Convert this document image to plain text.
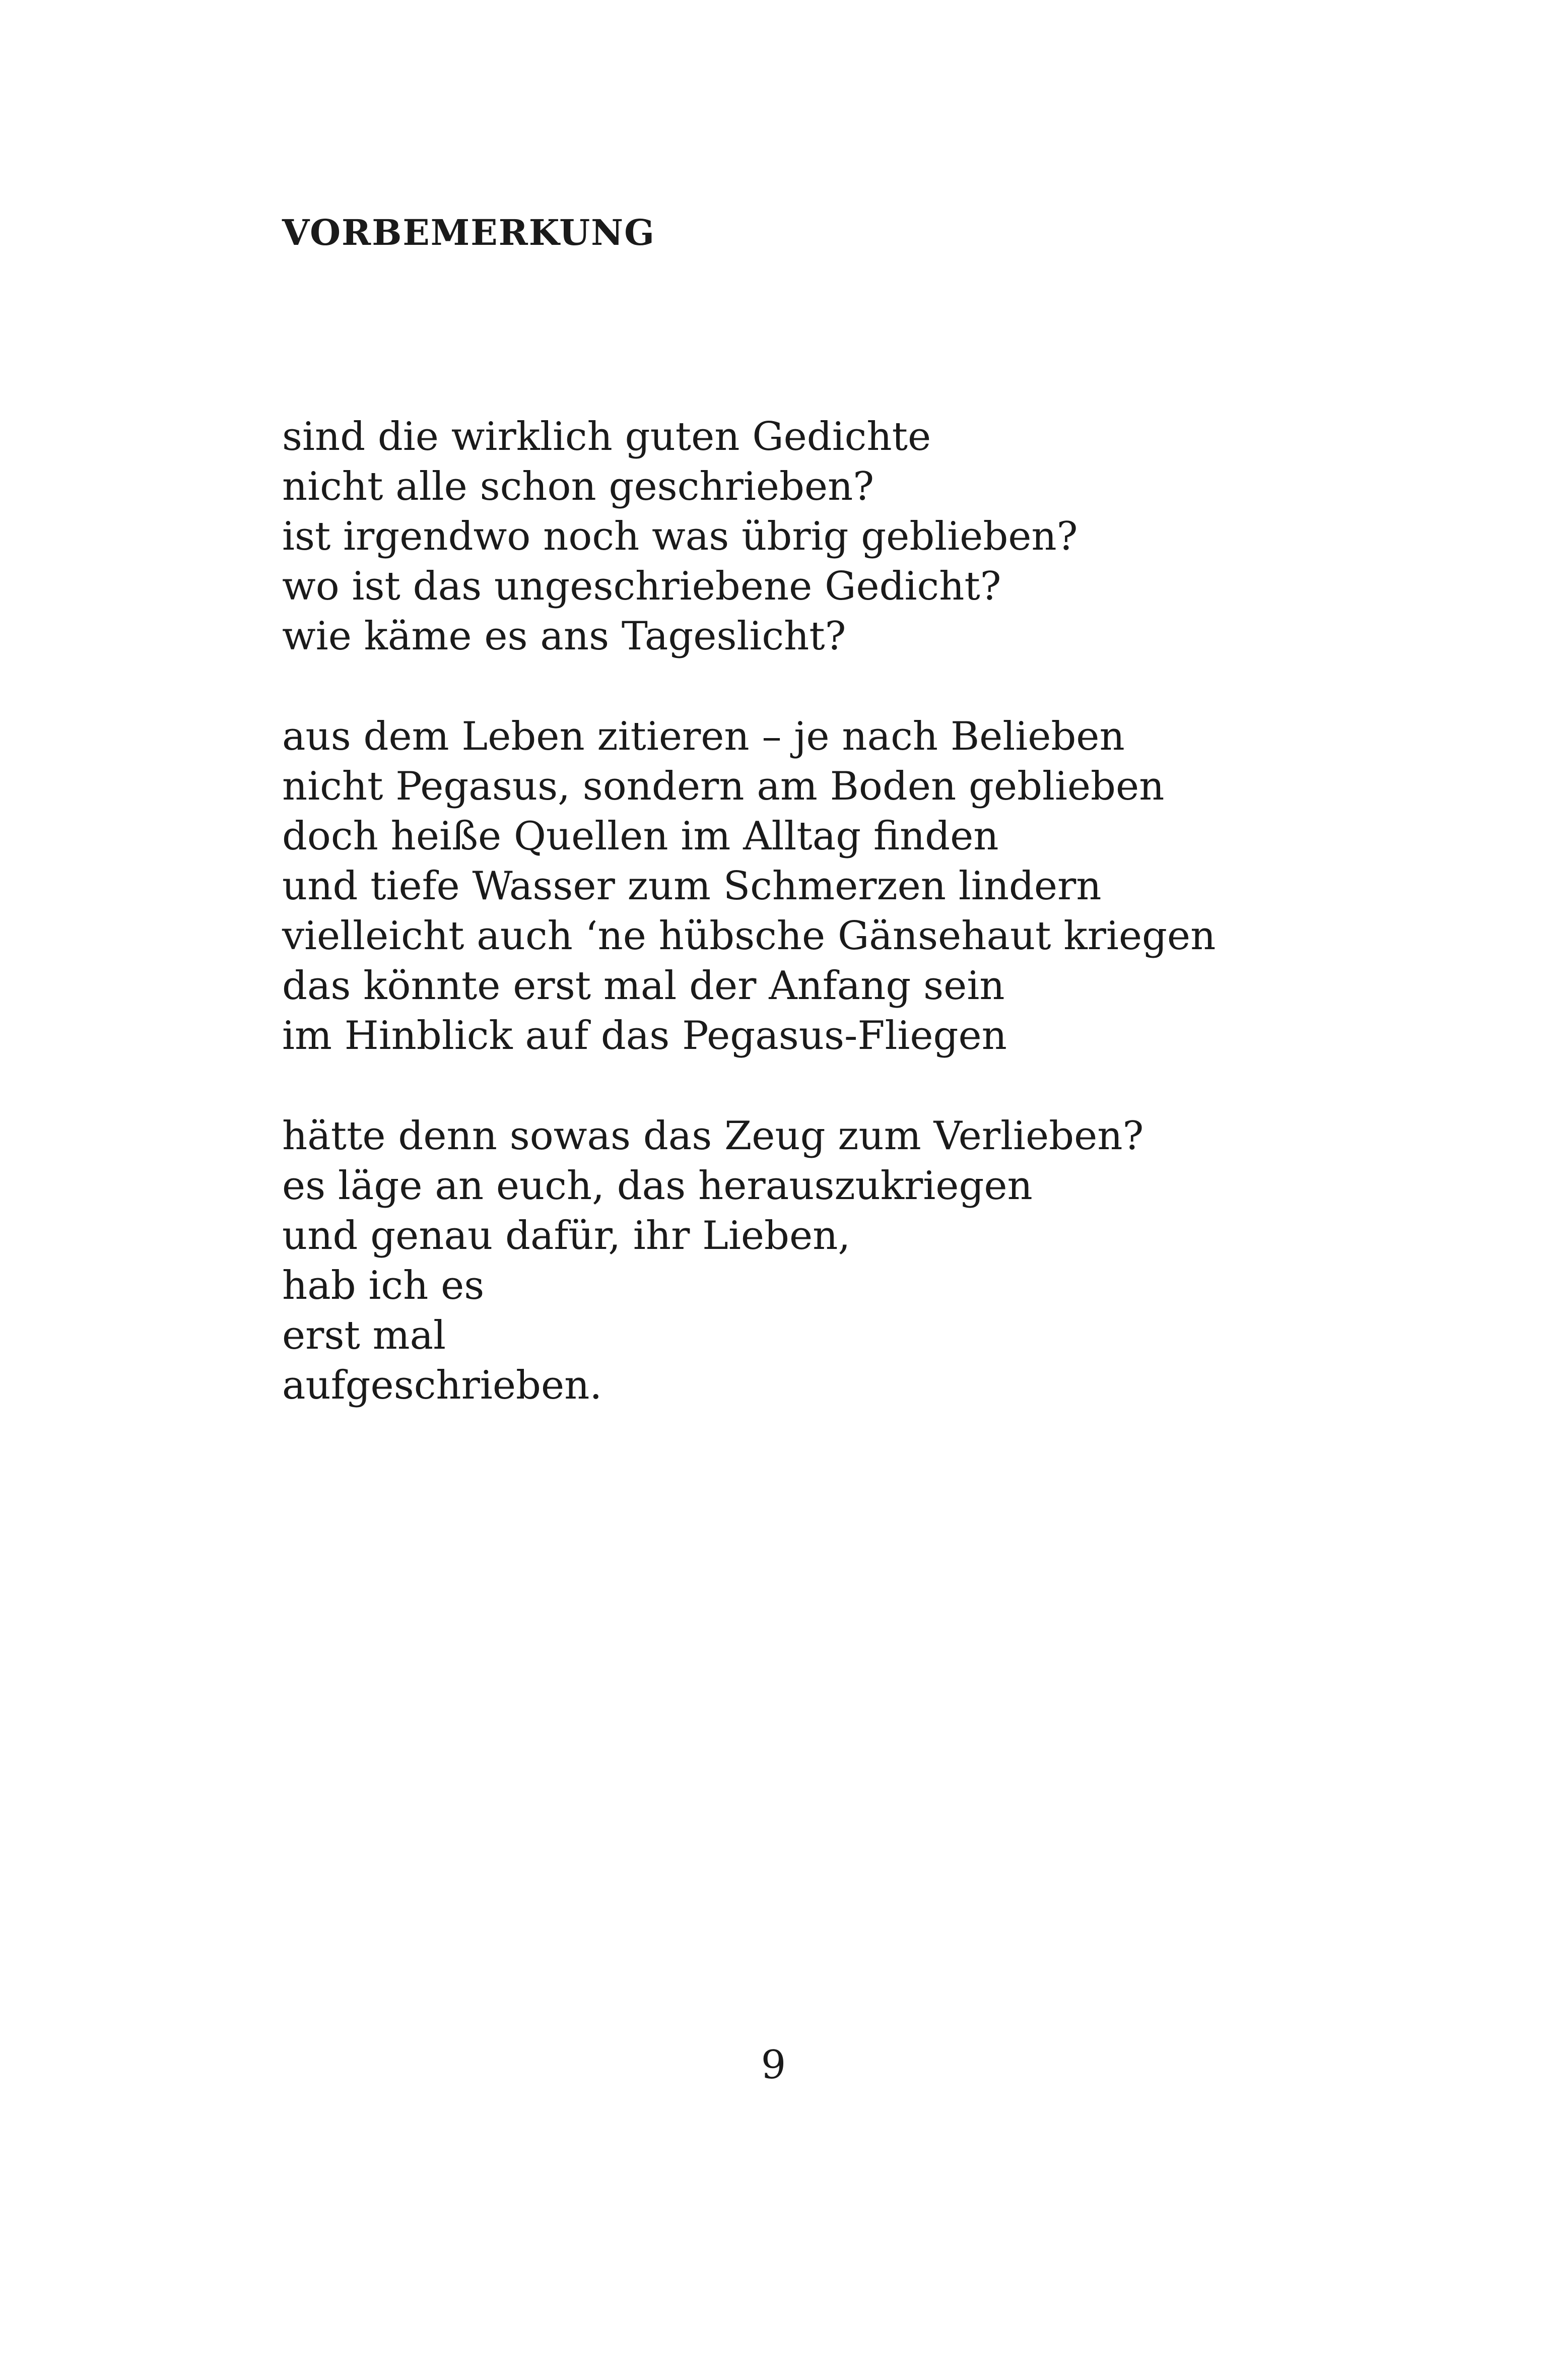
VORBEMERKUNG
sind die wirklich guten Gedichte
nicht alle schon geschrieben?
ist irgendwo noch was übrig geblieben?
wo ist das ungeschriebene Gedicht?
wie käme es ans Tageslicht?
aus dem Leben zitieren – je nach Belieben
nicht Pegasus, sondern am Boden geblieben
doch heiße Quellen im Alltag finden
und tiefe Wasser zum Schmerzen lindern
vielleicht auch ‘ne hübsche Gänsehaut kriegen
das könnte erst mal der Anfang sein
im Hinblick auf das Pegasus-Fliegen
hätte denn sowas das Zeug zum Verlieben?
es läge an euch, das herauszukriegen
und genau dafür, ihr Lieben,
hab ich es
erst mal
aufgeschrieben.
9
